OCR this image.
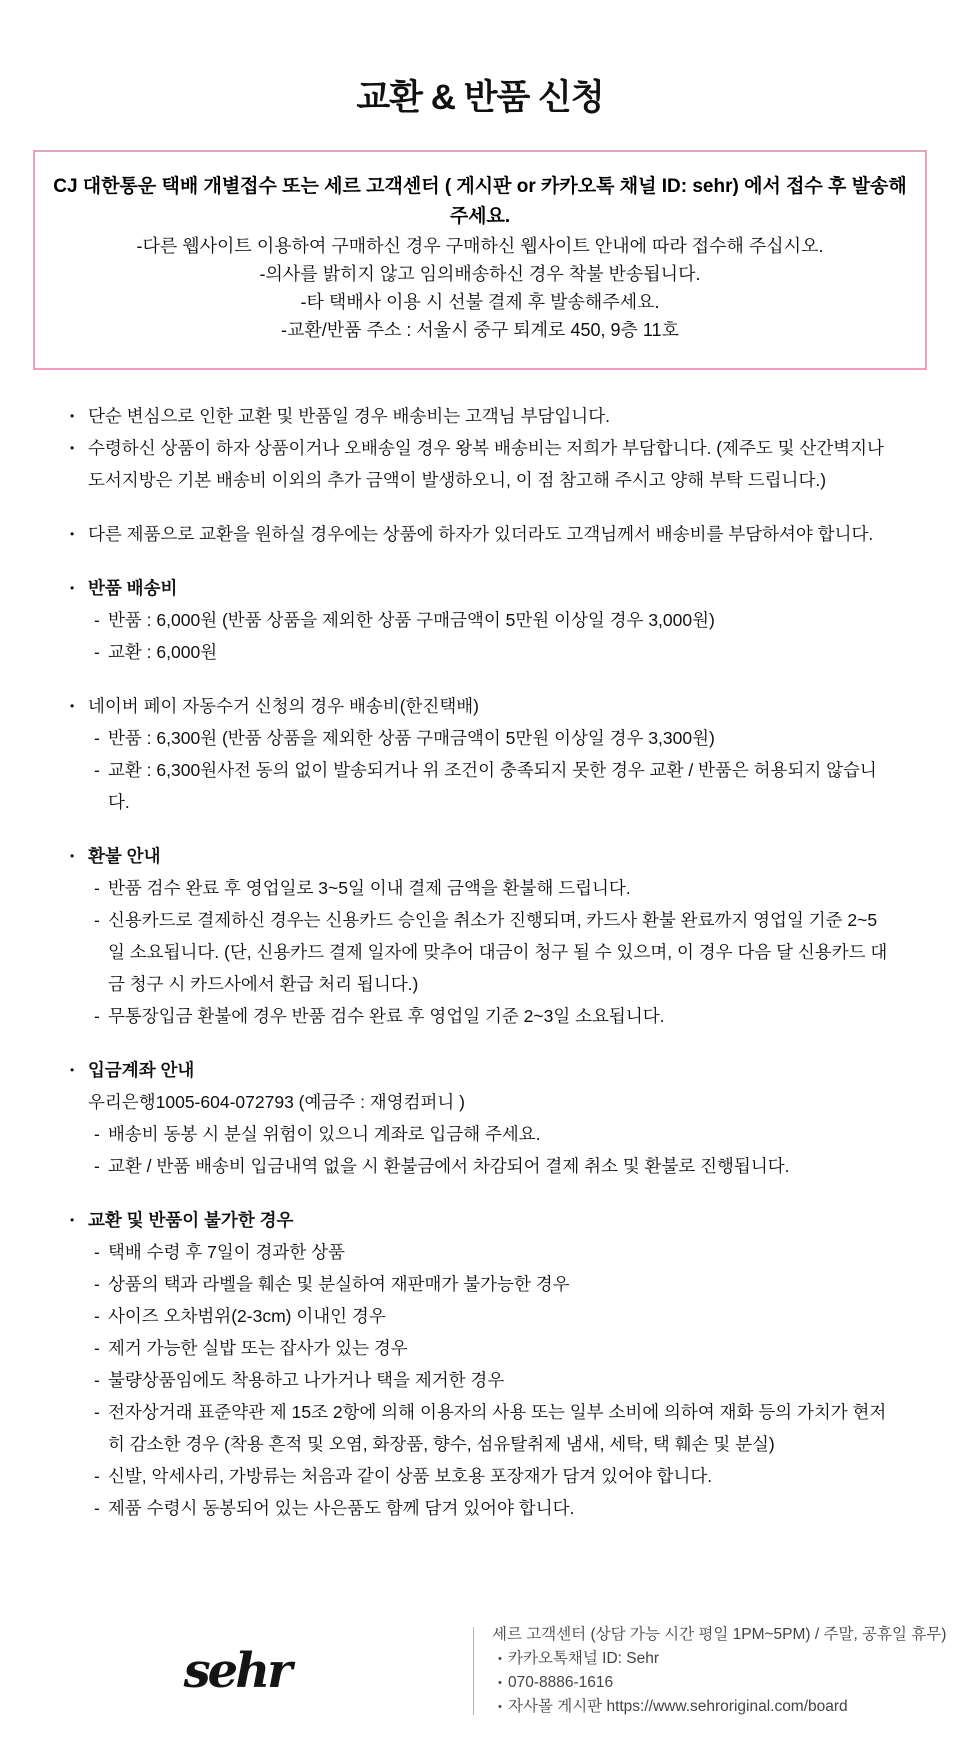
교환 & 반품 신청

CJ 대한통운 택배 개별접수 또는 세르 고객센터 ( 게시판 or 카카오톡 채널 ID: sehr) 에서 접수 후 발송해주세요.

-다른 웹사이트 이용하여 구매하신 경우 구매하신 웹사이트 안내에 따라 접수해 주십시오.
-의사를 밝히지 않고 임의배송하신 경우 착불 반송됩니다.
-타 택배사 이용 시 선불 결제 후 발송해주세요.
-교환/반품 주소 : 서울시 중구 퇴계로 450, 9층 11호
• 단순 변심으로 인한 교환 및 반품일 경우 배송비는 고객님 부담입니다.
• 수령하신 상품이 하자 상품이거나 오배송일 경우 왕복 배송비는 저희가 부담합니다. (제주도 및 산간벽지나 도서지방은 기본 배송비 이외의 추가 금액이 발생하오니, 이 점 참고해 주시고 양해 부탁 드립니다.)
• 다른 제품으로 교환을 원하실 경우에는 상품에 하자가 있더라도 고객님께서 배송비를 부담하셔야 합니다.
• 반품 배송비
- 반품 : 6,000원 (반품 상품을 제외한 상품 구매금액이 5만원 이상일 경우 3,000원)
- 교환 : 6,000원
• 네이버 페이 자동수거 신청의 경우 배송비(한진택배)
- 반품 : 6,300원 (반품 상품을 제외한 상품 구매금액이 5만원 이상일 경우 3,300원)
- 교환 : 6,300원사전 동의 없이 발송되거나 위 조건이 충족되지 못한 경우 교환 / 반품은 허용되지 않습니다.
• 환불 안내
- 반품 검수 완료 후 영업일로 3~5일 이내 결제 금액을 환불해 드립니다.
- 신용카드로 결제하신 경우는 신용카드 승인을 취소가 진행되며, 카드사 환불 완료까지 영업일 기준 2~5일 소요됩니다. (단, 신용카드 결제 일자에 맞추어 대금이 청구 될 수 있으며, 이 경우 다음 달 신용카드 대금 청구 시 카드사에서 환급 처리 됩니다.)
- 무통장입금 환불에 경우 반품 검수 완료 후 영업일 기준 2~3일 소요됩니다.
• 입금계좌 안내
우리은행1005-604-072793 (예금주 : 재영컴퍼니 )
- 배송비 동봉 시 분실 위험이 있으니 계좌로 입금해 주세요.
- 교환 / 반품 배송비 입금내역 없을 시 환불금에서 차감되어 결제 취소 및 환불로 진행됩니다.
• 교환 및 반품이 불가한 경우
- 택배 수령 후 7일이 경과한 상품
- 상품의 택과 라벨을 훼손 및 분실하여 재판매가 불가능한 경우
- 사이즈 오차범위(2-3cm) 이내인 경우
- 제거 가능한 실밥 또는 잡사가 있는 경우
- 불량상품임에도 착용하고 나가거나 택을 제거한 경우
- 전자상거래 표준약관 제 15조 2항에 의해 이용자의 사용 또는 일부 소비에 의하여 재화 등의 가치가 현저히 감소한 경우 (착용 흔적 및 오염, 화장품, 향수, 섬유탈취제 냄새, 세탁, 택 훼손 및 분실)
- 신발, 악세사리, 가방류는 처음과 같이 상품 보호용 포장재가 담겨 있어야 합니다.
- 제품 수령시 동봉되어 있는 사은품도 함께 담겨 있어야 합니다.
sehr
세르 고객센터 (상담 가능 시간 평일 1PM~5PM) / 주말, 공휴일 휴무)
• 카카오톡채널 ID: Sehr
• 070-8886-1616
• 자사몰 게시판 https://www.sehroriginal.com/board
